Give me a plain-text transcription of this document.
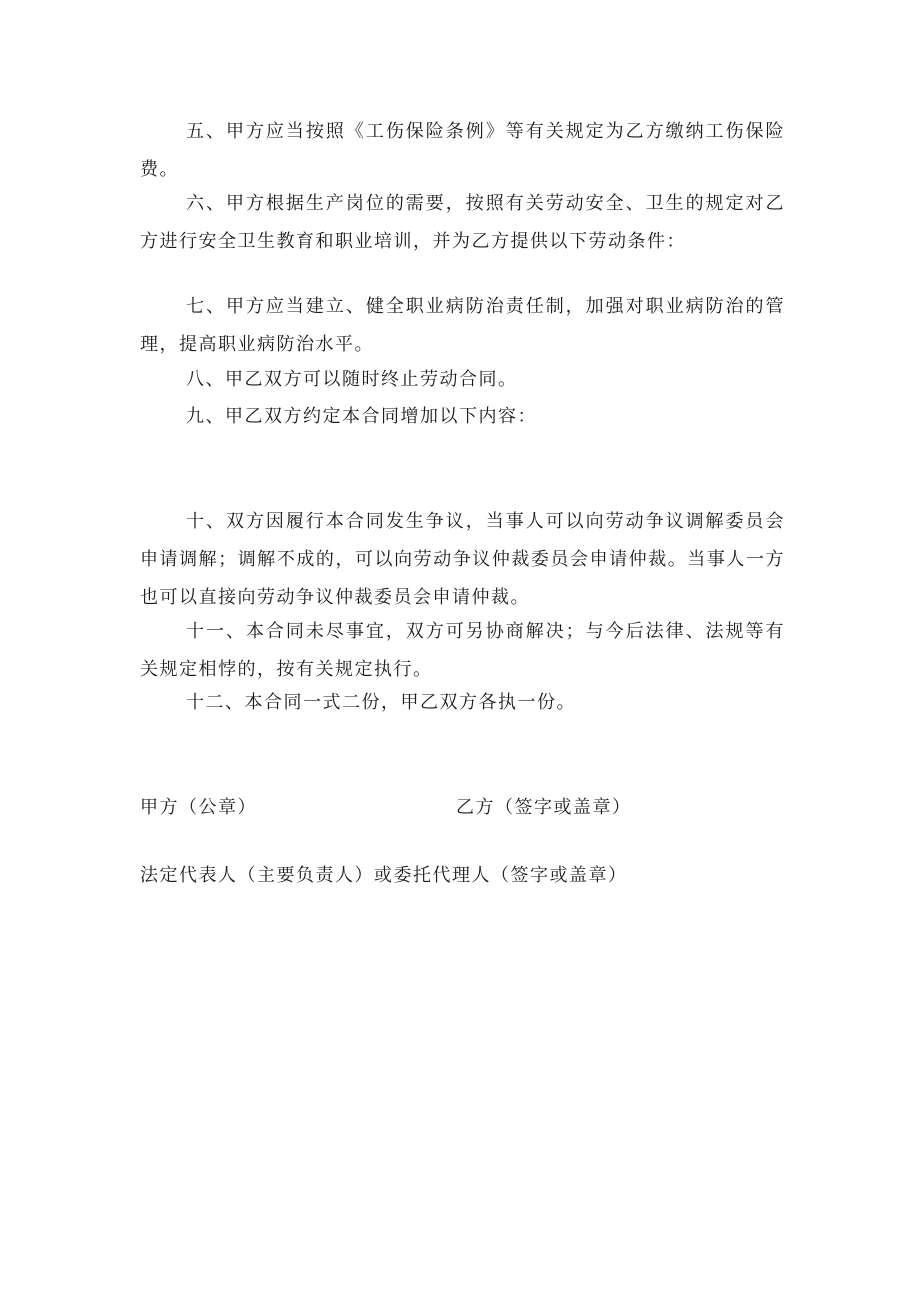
五、甲方应当按照《工伤保险条例》等有关规定为乙方缴纳工伤保险费。

六、甲方根据生产岗位的需要，按照有关劳动安全、卫生的规定对乙方进行安全卫生教育和职业培训，并为乙方提供以下劳动条件：

七、甲方应当建立、健全职业病防治责任制，加强对职业病防治的管理，提高职业病防治水平。

八、甲乙双方可以随时终止劳动合同。

九、甲乙双方约定本合同增加以下内容：

十、双方因履行本合同发生争议，当事人可以向劳动争议调解委员会申请调解；调解不成的，可以向劳动争议仲裁委员会申请仲裁。当事人一方也可以直接向劳动争议仲裁委员会申请仲裁。

十一、本合同未尽事宜，双方可另协商解决；与今后法律、法规等有关规定相悖的，按有关规定执行。

十二、本合同一式二份，甲乙双方各执一份。

甲方（公章）	乙方（签字或盖章）

法定代表人（主要负责人）或委托代理人（签字或盖章）
